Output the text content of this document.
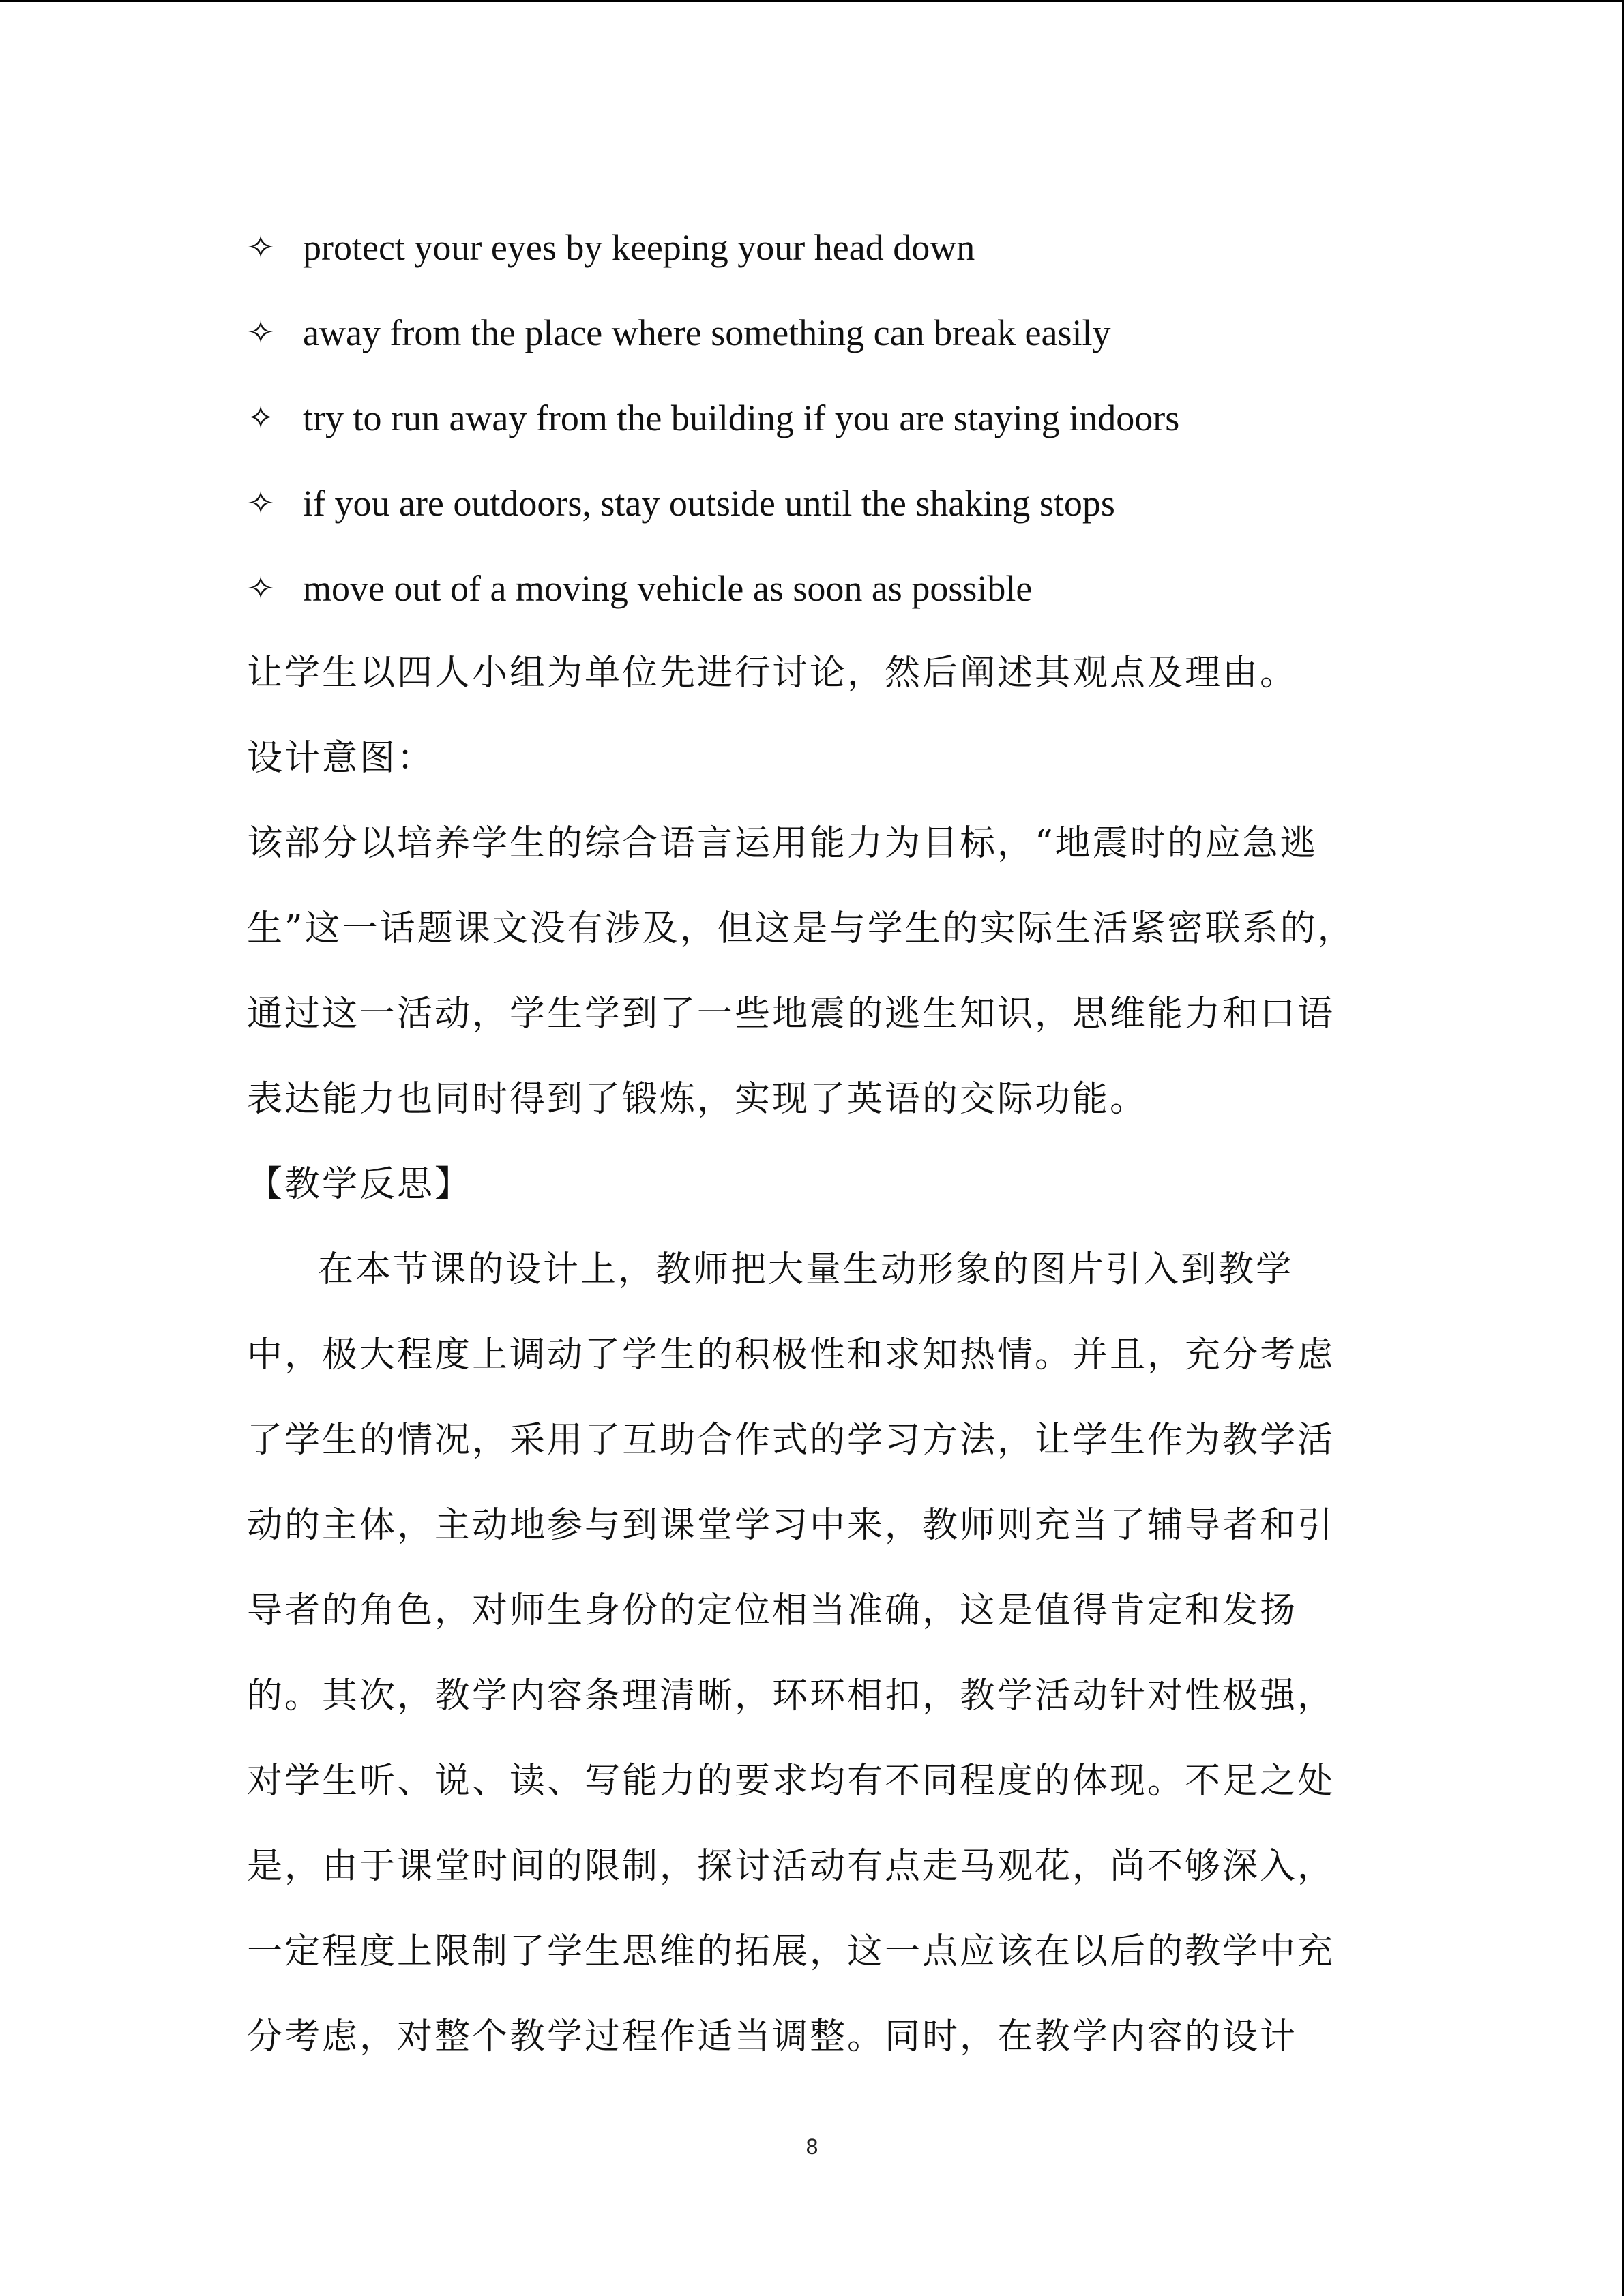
✧ protect your eyes by keeping your head down
✧ away from the place where something can break easily
✧ try to run away from the building if you are staying indoors
✧ if you are outdoors, stay outside until the shaking stops
✧ move out of a moving vehicle as soon as possible
让学生以四人小组为单位先进行讨论，然后阐述其观点及理由。
设计意图：
该部分以培养学生的综合语言运用能力为目标，“地震时的应急逃
生”这一话题课文没有涉及，但这是与学生的实际生活紧密联系的，
通过这一活动，学生学到了一些地震的逃生知识，思维能力和口语
表达能力也同时得到了锻炼，实现了英语的交际功能。
【教学反思】
在本节课的设计上，教师把大量生动形象的图片引入到教学
中，极大程度上调动了学生的积极性和求知热情。并且，充分考虑
了学生的情况，采用了互助合作式的学习方法，让学生作为教学活
动的主体，主动地参与到课堂学习中来，教师则充当了辅导者和引
导者的角色，对师生身份的定位相当准确，这是值得肯定和发扬
的。其次，教学内容条理清晰，环环相扣，教学活动针对性极强，
对学生听、说、读、写能力的要求均有不同程度的体现。不足之处
是，由于课堂时间的限制，探讨活动有点走马观花，尚不够深入，
一定程度上限制了学生思维的拓展，这一点应该在以后的教学中充
分考虑，对整个教学过程作适当调整。同时，在教学内容的设计
8
